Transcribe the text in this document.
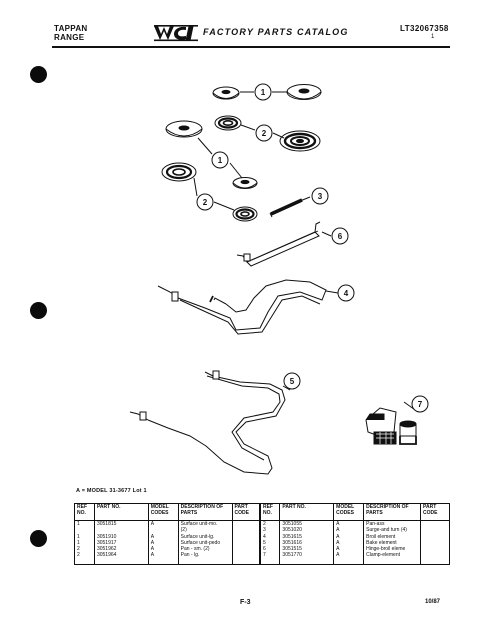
TAPPAN
RANGE
FACTORY PARTS CATALOG	LT32067358
1
1
1
2
2
3
6
4
5
7
A = MODEL 31-3677 Lot 1
REF NO.	PART NO.	MODEL CODES	DESCRIPTION OF PARTS	PART CODE	REF NO.	PART NO.	MODEL CODES	DESCRIPTION OF PARTS	PART CODE
1	3051815	A	Surface unit-mo.		2	3051055	A	Pan-ass	
			(2)		3	3051020	A	Surge-and turn (4)	
1	3051910	A	Surface unit-lg.		4	3051615	A	Broil element	
1	3051917	A	Surface unit-pedo		5	3051616	A	Bake element	
2	3051962	A	Pan - sm. (2)		6	3051515	A	Hinge-broil eleme	
2	3051964	A	Pan - lg.		7	3051770	A	Clamp-element	
F-3	10/87
